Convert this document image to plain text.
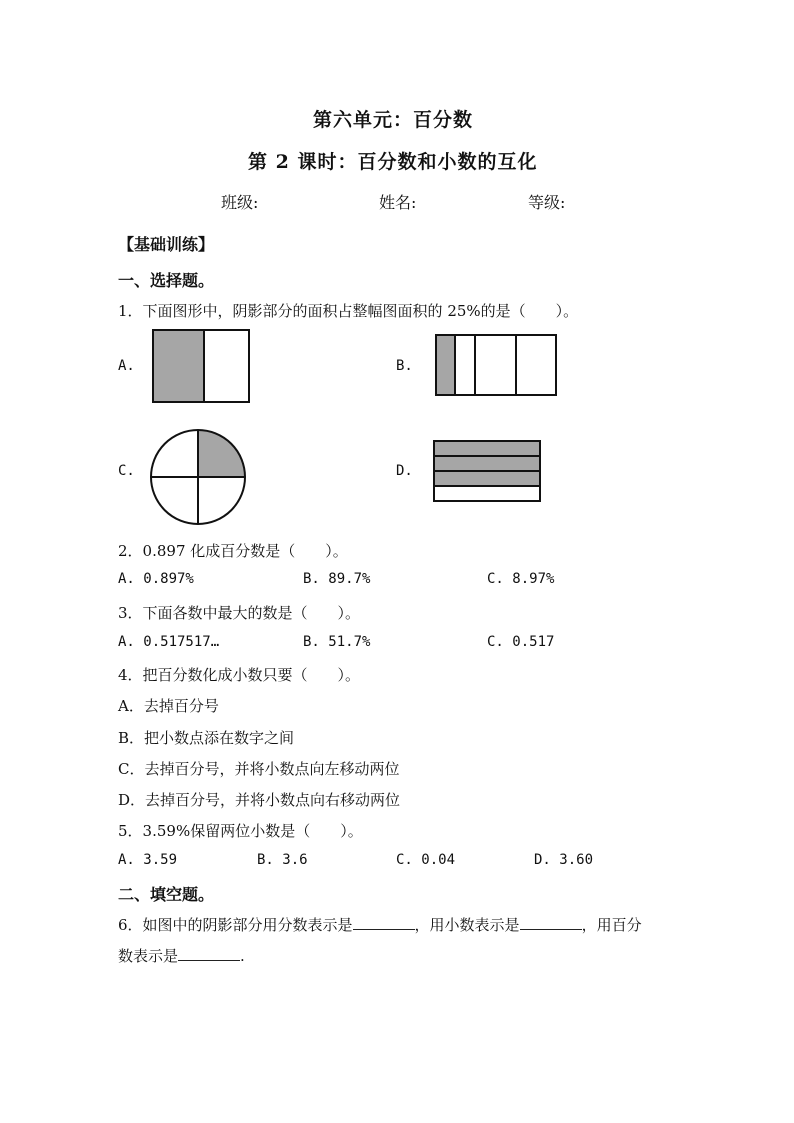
第六单元：百分数
第 2 课时：百分数和小数的互化
班级:	姓名:	等级:
【基础训练】
一、选择题。
1．下面图形中，阴影部分的面积占整幅图面积的 25%的是（　　）。
A.	B.
C.	D.
2．0.897 化成百分数是（　　）。
A. 0.897%	B. 89.7%	C. 8.97%
3．下面各数中最大的数是（　　）。
A. 0.517517…	B. 51.7%	C. 0.517
4．把百分数化成小数只要（　　）。
A．去掉百分号
B．把小数点添在数字之间
C．去掉百分号，并将小数点向左移动两位
D．去掉百分号，并将小数点向右移动两位
5．3.59%保留两位小数是（　　）。
A. 3.59	B. 3.6	C. 0.04	D. 3.60
二、填空题。
6．如图中的阴影部分用分数表示是	，用小数表示是	，用百分
数表示是	.
